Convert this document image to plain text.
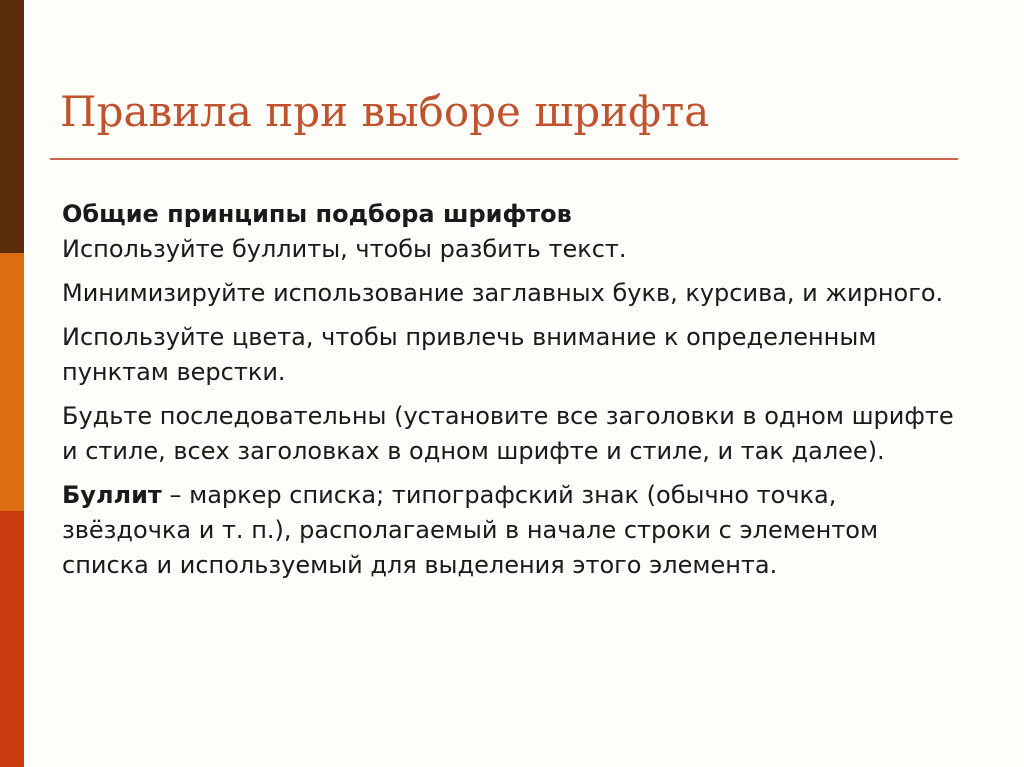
Правила при выборе шрифта

Общие принципы подбора шрифтов
Используйте буллиты, чтобы разбить текст.

Минимизируйте использование заглавных букв, курсива, и жирного.

Используйте цвета, чтобы привлечь внимание к определенным пунктам верстки.

Будьте последовательны (установите все заголовки в одном шрифте и стиле, всех заголовках в одном шрифте и стиле, и так далее).

Буллит – маркер списка; типографский знак (обычно точка, звёздочка и т. п.), располагаемый в начале строки с элементом списка и используемый для выделения этого элемента.
